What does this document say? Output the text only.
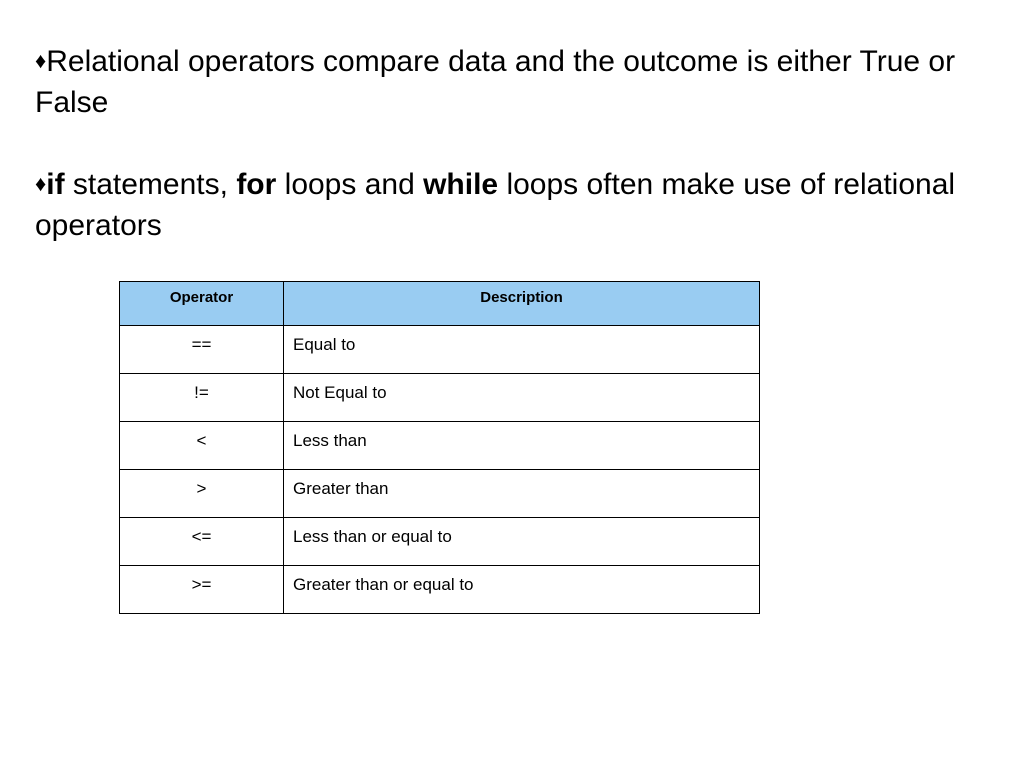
♦Relational operators compare data and the outcome is either True or False

♦if statements, for loops and while loops often make use of relational operators

Operator	Description
==	Equal to
!=	Not Equal to
<	Less than
>	Greater than
<=	Less than or equal to
>=	Greater than or equal to
